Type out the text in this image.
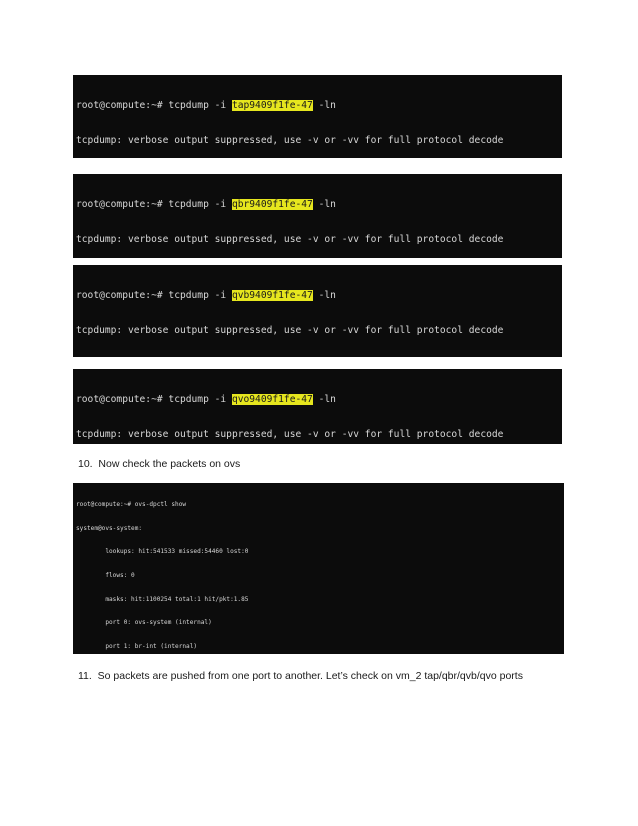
root@compute:~# tcpdump -i tap9409f1fe-47 -ln

tcpdump: verbose output suppressed, use -v or -vv for full protocol decode

root@compute:~# tcpdump -i qbr9409f1fe-47 -ln

tcpdump: verbose output suppressed, use -v or -vv for full protocol decode

root@compute:~# tcpdump -i qvb9409f1fe-47 -ln

tcpdump: verbose output suppressed, use -v or -vv for full protocol decode

root@compute:~# tcpdump -i qvo9409f1fe-47 -ln

tcpdump: verbose output suppressed, use -v or -vv for full protocol decode

10.  Now check the packets on ovs

root@compute:~# ovs-dpctl show

system@ovs-system:

lookups: hit:541533 missed:54460 lost:0

flows: 0

masks: hit:1100254 total:1 hit/pkt:1.85

port 0: ovs-system (internal)

port 1: br-int (internal)

11.  So packets are pushed from one port to another. Let’s check on vm_2 tap/qbr/qvb/qvo ports
